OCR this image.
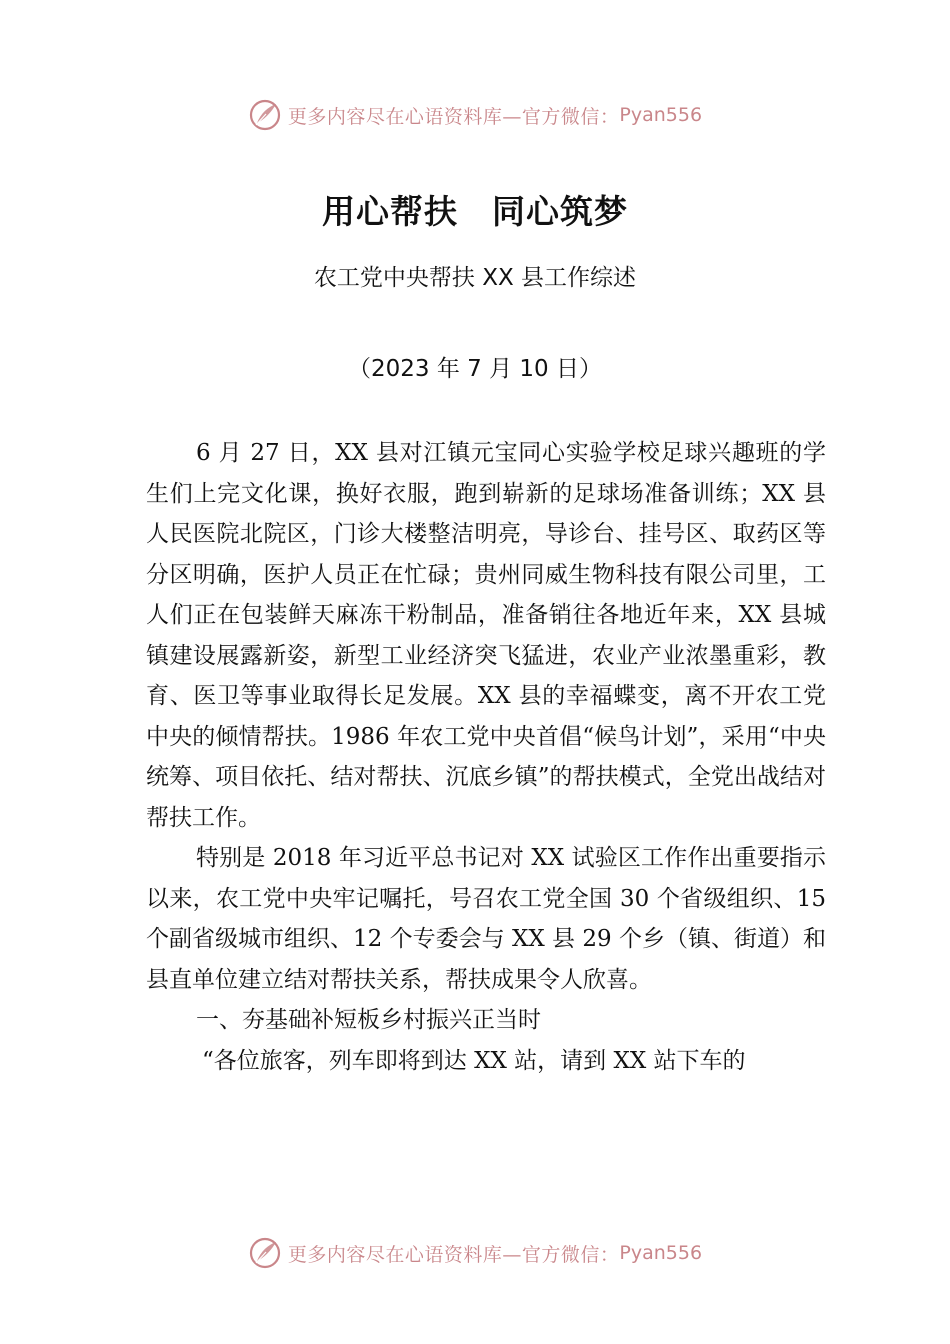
更多内容尽在心语资料库—官方微信： Pyan556
用心帮扶　同心筑梦
农工党中央帮扶 XX 县工作综述
（2023 年 7 月 10 日）

6 月 27 日，XX 县对江镇元宝同心实验学校足球兴趣班的学生们上完文化课，换好衣服，跑到崭新的足球场准备训练；XX 县人民医院北院区，门诊大楼整洁明亮，导诊台、挂号区、取药区等分区明确，医护人员正在忙碌；贵州同威生物科技有限公司里，工人们正在包装鲜天麻冻干粉制品，准备销往各地近年来，XX 县城镇建设展露新姿，新型工业经济突飞猛进，农业产业浓墨重彩，教育、医卫等事业取得长足发展。XX 县的幸福蝶变，离不开农工党中央的倾情帮扶。1986 年农工党中央首倡“候鸟计划”，采用“中央统筹、项目依托、结对帮扶、沉底乡镇”的帮扶模式，全党出战结对帮扶工作。

特别是 2018 年习近平总书记对 XX 试验区工作作出重要指示以来，农工党中央牢记嘱托，号召农工党全国 30 个省级组织、15 个副省级城市组织、12 个专委会与 XX 县 29 个乡（镇、街道）和县直单位建立结对帮扶关系，帮扶成果令人欣喜。

一、夯基础补短板乡村振兴正当时

“各位旅客，列车即将到达 XX 站，请到 XX 站下车的

更多内容尽在心语资料库—官方微信： Pyan556
